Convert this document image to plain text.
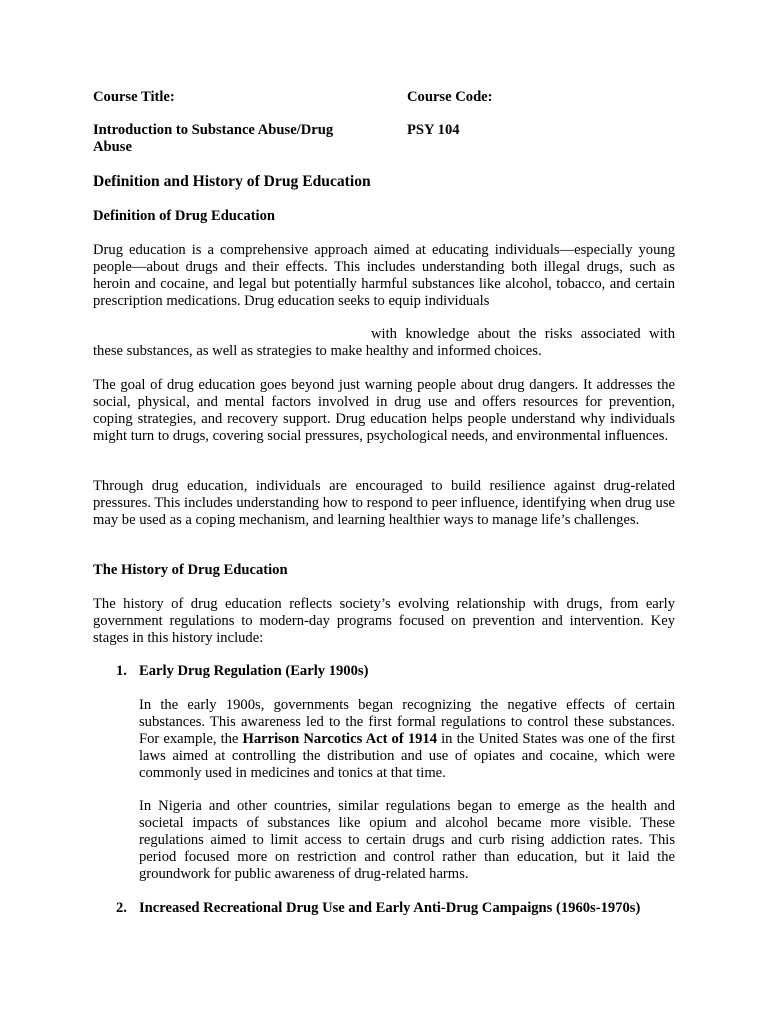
Course Title:	Course Code:
Introduction to Substance Abuse/Drug Abuse
PSY 104
Definition and History of Drug Education
Definition of Drug Education
Drug education is a comprehensive approach aimed at educating individuals—especially young people—about drugs and their effects. This includes understanding both illegal drugs, such as heroin and cocaine, and legal but potentially harmful substances like alcohol, tobacco, and certain prescription medications. Drug education seeks to equip individuals
with knowledge about the risks associated with these substances, as well as strategies to make healthy and informed choices.
The goal of drug education goes beyond just warning people about drug dangers. It addresses the social, physical, and mental factors involved in drug use and offers resources for prevention, coping strategies, and recovery support. Drug education helps people understand why individuals might turn to drugs, covering social pressures, psychological needs, and environmental influences.
Through drug education, individuals are encouraged to build resilience against drug-related pressures. This includes understanding how to respond to peer influence, identifying when drug use may be used as a coping mechanism, and learning healthier ways to manage life’s challenges.
The History of Drug Education
The history of drug education reflects society’s evolving relationship with drugs, from early government regulations to modern-day programs focused on prevention and intervention. Key stages in this history include:
1. Early Drug Regulation (Early 1900s)
In the early 1900s, governments began recognizing the negative effects of certain substances. This awareness led to the first formal regulations to control these substances. For example, the Harrison Narcotics Act of 1914 in the United States was one of the first laws aimed at controlling the distribution and use of opiates and cocaine, which were commonly used in medicines and tonics at that time.
In Nigeria and other countries, similar regulations began to emerge as the health and societal impacts of substances like opium and alcohol became more visible. These regulations aimed to limit access to certain drugs and curb rising addiction rates. This period focused more on restriction and control rather than education, but it laid the groundwork for public awareness of drug-related harms.
2. Increased Recreational Drug Use and Early Anti-Drug Campaigns (1960s-1970s)
